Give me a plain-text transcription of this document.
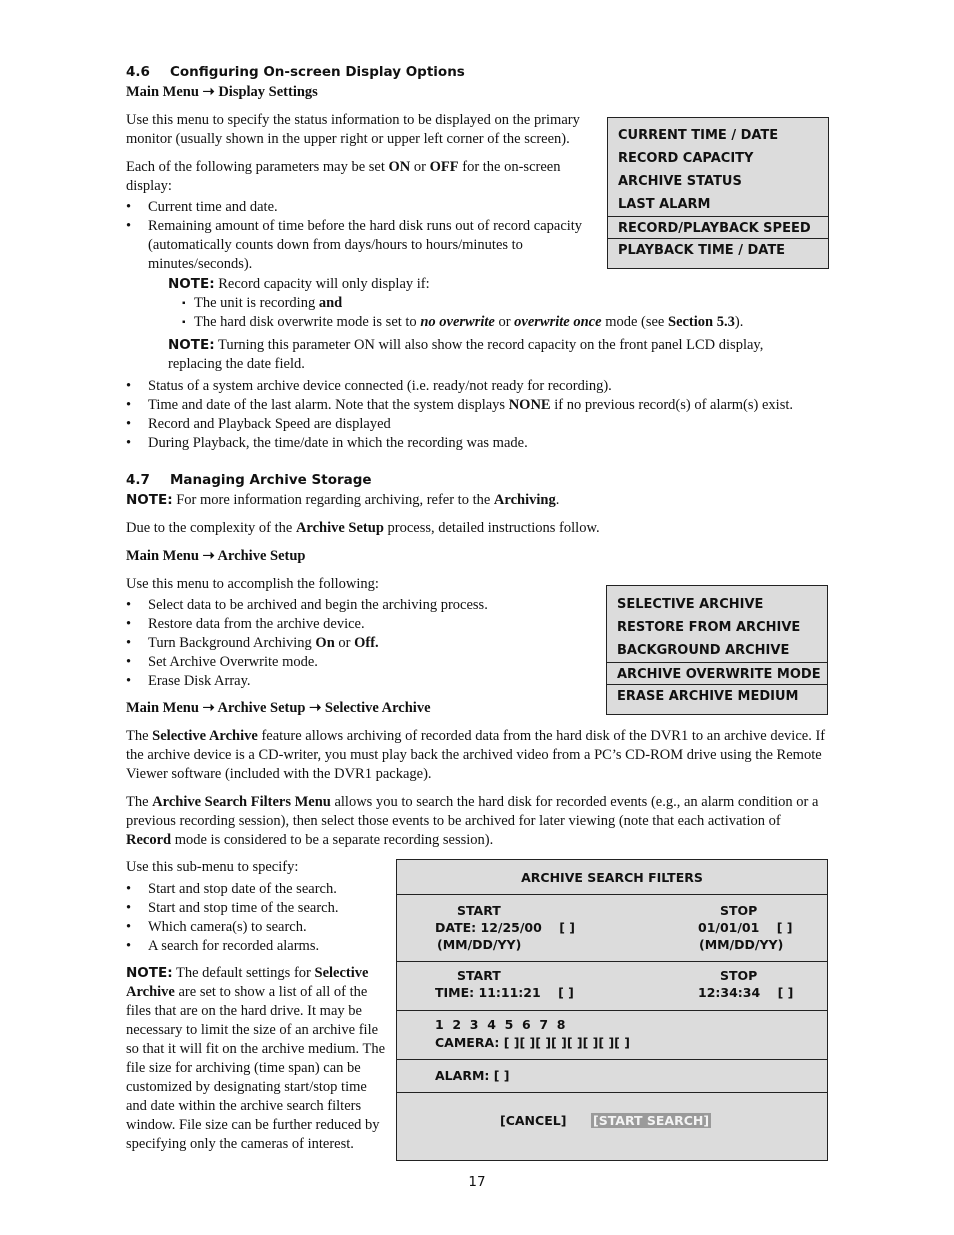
4.6 Configuring On-screen Display Options
Main Menu ➝ Display Settings

Use this menu to specify the status information to be displayed on the primary monitor (usually shown in the upper right or upper left corner of the screen).

Each of the following parameters may be set ON or OFF for the on-screen display:

• Current time and date.
• Remaining amount of time before the hard disk runs out of record capacity (automatically counts down from days/hours to hours/minutes to minutes/seconds).

NOTE: Record capacity will only display if:

▪ The unit is recording and

▪ The hard disk overwrite mode is set to no overwrite or overwrite once mode (see Section 5.3).

NOTE: Turning this parameter ON will also show the record capacity on the front panel LCD display, replacing the date field.

• Status of a system archive device connected (i.e. ready/not ready for recording).
• Time and date of the last alarm. Note that the system displays NONE if no previous record(s) of alarm(s) exist.
• Record and Playback Speed are displayed
• During Playback, the time/date in which the recording was made.
CURRENT TIME / DATE
RECORD CAPACITY
ARCHIVE STATUS
LAST ALARM
RECORD/PLAYBACK SPEED
PLAYBACK TIME / DATE
4.7 Managing Archive Storage

NOTE: For more information regarding archiving, refer to the Archiving.

Due to the complexity of the Archive Setup process, detailed instructions follow.

Main Menu ➝ Archive Setup

Use this menu to accomplish the following:

• Select data to be archived and begin the archiving process.
• Restore data from the archive device.
• Turn Background Archiving On or Off.
• Set Archive Overwrite mode.
• Erase Disk Array.
Main Menu ➝ Archive Setup ➝ Selective Archive
SELECTIVE ARCHIVE
RESTORE FROM ARCHIVE
BACKGROUND ARCHIVE
ARCHIVE OVERWRITE MODE
ERASE ARCHIVE MEDIUM

The Selective Archive feature allows archiving of recorded data from the hard disk of the DVR1 to an archive device. If the archive device is a CD-writer, you must play back the archived video from a PC’s CD-ROM drive using the Remote Viewer software (included with the DVR1 package).

The Archive Search Filters Menu allows you to search the hard disk for recorded events (e.g., an alarm condition or a previous recording session), then select those events to be archived for later viewing (note that each activation of Record mode is considered to be a separate recording session).

Use this sub-menu to specify:

• Start and stop date of the search.
• Start and stop time of the search.
• Which camera(s) to search.
• A search for recorded alarms.

NOTE: The default settings for Selective Archive are set to show a list of all of the files that are on the hard drive. It may be necessary to limit the size of an archive file so that it will fit on the archive medium. The file size for archiving (time span) can be customized by designating start/stop time and date within the archive search filters window. File size can be further reduced by specifying only the cameras of interest.

ARCHIVE SEARCH FILTERS
START	STOP
DATE: 12/25/00    [ ]	01/01/01    [ ]
(MM/DD/YY)	(MM/DD/YY)
START	STOP
TIME: 11:11:21    [ ]	12:34:34    [ ]
1  2  3  4  5  6  7  8
CAMERA: [ ][ ][ ][ ][ ][ ][ ][ ]
ALARM: [ ]
[CANCEL] [START SEARCH]
17
